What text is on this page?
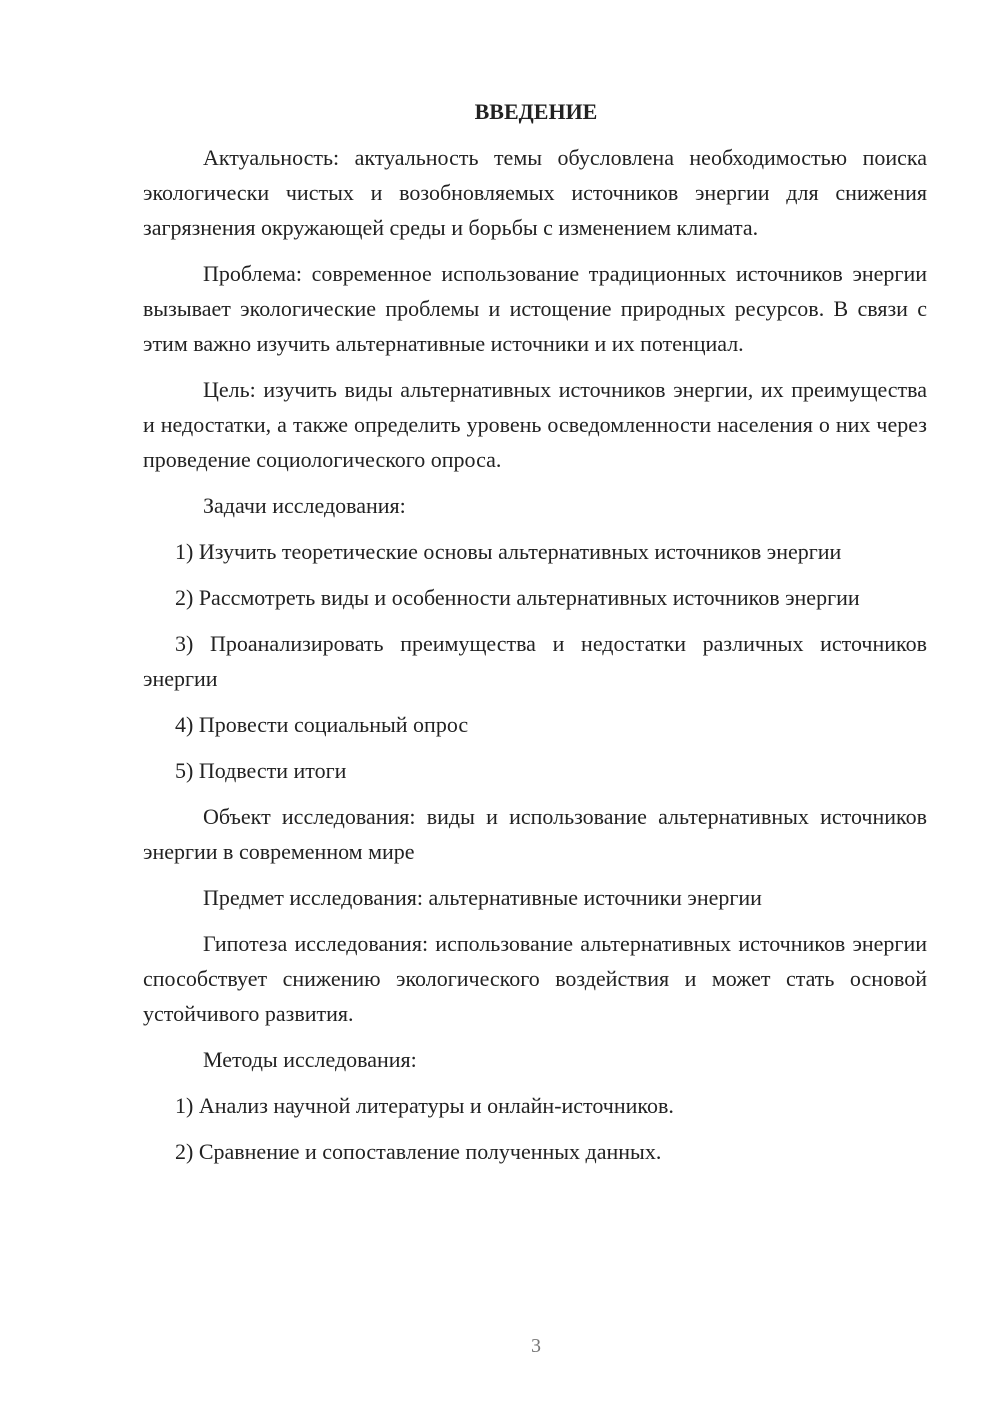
ВВЕДЕНИЕ

Актуальность: актуальность темы обусловлена необходимостью поиска экологически чистых и возобновляемых источников энергии для снижения загрязнения окружающей среды и борьбы с изменением климата.

Проблема: современное использование традиционных источников энергии вызывает экологические проблемы и истощение природных ресурсов. В связи с этим важно изучить альтернативные источники и их потенциал.

Цель: изучить виды альтернативных источников энергии, их преимущества и недостатки, а также определить уровень осведомленности населения о них через проведение социологического опроса.

Задачи исследования:

1) Изучить теоретические основы альтернативных источников энергии

2) Рассмотреть виды и особенности альтернативных источников энергии

3) Проанализировать преимущества и недостатки различных источников энергии

4) Провести социальный опрос

5) Подвести итоги

Объект исследования: виды и использование альтернативных источников энергии в современном мире

Предмет исследования: альтернативные источники энергии

Гипотеза исследования: использование альтернативных источников энергии способствует снижению экологического воздействия и может стать основой устойчивого развития.

Методы исследования:

1) Анализ научной литературы и онлайн-источников.

2) Сравнение и сопоставление полученных данных.

3
